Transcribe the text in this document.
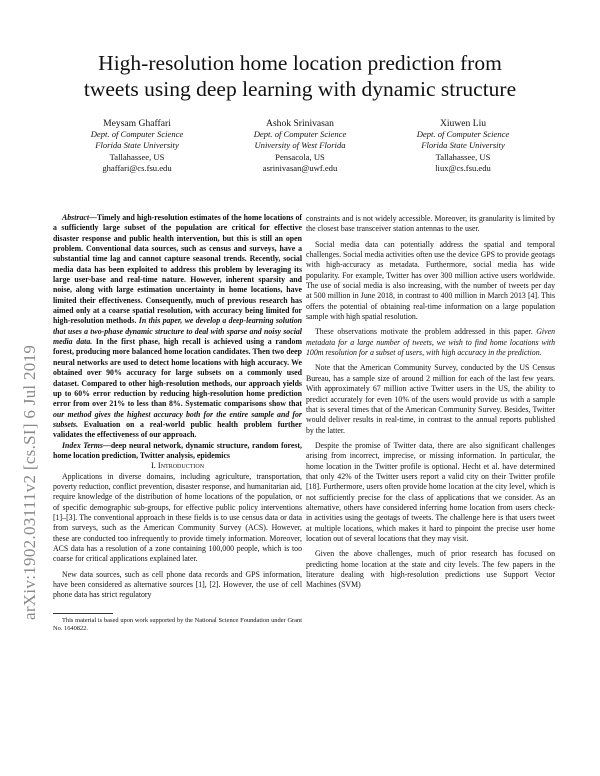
High-resolution home location prediction from
tweets using deep learning with dynamic structure
Meysam Ghaffari
Dept. of Computer Science
Florida State University
Tallahassee, US
ghaffari@cs.fsu.edu
Ashok Srinivasan
Dept. of Computer Science
University of West Florida
Pensacola, US
asrinivasan@uwf.edu
Xiuwen Liu
Dept. of Computer Science
Florida State University
Tallahassee, US
liux@cs.fsu.edu
arXiv:1902.03111v2 [cs.SI] 6 Jul 2019

Abstract—Timely and high-resolution estimates of the home locations of a sufficiently large subset of the population are critical for effective disaster response and public health intervention, but this is still an open problem. Conventional data sources, such as census and surveys, have a substantial time lag and cannot capture seasonal trends. Recently, social media data has been exploited to address this problem by leveraging its large user-base and real-time nature. However, inherent sparsity and noise, along with large estimation uncertainty in home locations, have limited their effectiveness. Consequently, much of previous research has aimed only at a coarse spatial resolution, with accuracy being limited for high-resolution methods. In this paper, we develop a deep-learning solution that uses a two-phase dynamic structure to deal with sparse and noisy social media data. In the first phase, high recall is achieved using a random forest, producing more balanced home location candidates. Then two deep neural networks are used to detect home locations with high accuracy. We obtained over 90% accuracy for large subsets on a commonly used dataset. Compared to other high-resolution methods, our approach yields up to 60% error reduction by reducing high-resolution home prediction error from over 21% to less than 8%. Systematic comparisons show that our method gives the highest accuracy both for the entire sample and for subsets. Evaluation on a real-world public health problem further validates the effectiveness of our approach.

Index Terms—deep neural network, dynamic structure, random forest, home location prediction, Twitter analysis, epidemics

I. Introduction

Applications in diverse domains, including agriculture, transportation, poverty reduction, conflict prevention, disaster response, and humanitarian aid, require knowledge of the distribution of home locations of the population, or of specific demographic sub-groups, for effective public policy interventions [1]–[3]. The conventional approach in these fields is to use census data or data from surveys, such as the American Community Survey (ACS). However, these are conducted too infrequently to provide timely information. Moreover, ACS data has a resolution of a zone containing 100,000 people, which is too coarse for critical applications explained later.

New data sources, such as cell phone data records and GPS information, have been considered as alternative sources [1], [2]. However, the use of cell phone data has strict regulatory

This material is based upon work supported by the National Science Foundation under Grant No. 1640822.

constraints and is not widely accessible. Moreover, its granularity is limited by the closest base transceiver station antennas to the user.

Social media data can potentially address the spatial and temporal challenges. Social media activities often use the device GPS to provide geotags with high-accuracy as metadata. Furthermore, social media has wide popularity. For example, Twitter has over 300 million active users worldwide. The use of social media is also increasing, with the number of tweets per day at 500 million in June 2018, in contrast to 400 million in March 2013 [4]. This offers the potential of obtaining real-time information on a large population sample with high spatial resolution.

These observations motivate the problem addressed in this paper. Given metadata for a large number of tweets, we wish to find home locations with 100m resolution for a subset of users, with high accuracy in the prediction.

Note that the American Community Survey, conducted by the US Census Bureau, has a sample size of around 2 million for each of the last few years. With approximately 67 million active Twitter users in the US, the ability to predict accurately for even 10% of the users would provide us with a sample that is several times that of the American Community Survey. Besides, Twitter would deliver results in real-time, in contrast to the annual reports published by the latter.

Despite the promise of Twitter data, there are also significant challenges arising from incorrect, imprecise, or missing information. In particular, the home location in the Twitter profile is optional. Hecht et al. have determined that only 42% of the Twitter users report a valid city on their Twitter profile [18]. Furthermore, users often provide home location at the city level, which is not sufficiently precise for the class of applications that we consider. As an alternative, others have considered inferring home location from users check-in activities using the geotags of tweets. The challenge here is that users tweet at multiple locations, which makes it hard to pinpoint the precise user home location out of several locations that they may visit.

Given the above challenges, much of prior research has focused on predicting home location at the state and city levels. The few papers in the literature dealing with high-resolution predictions use Support Vector Machines (SVM)
